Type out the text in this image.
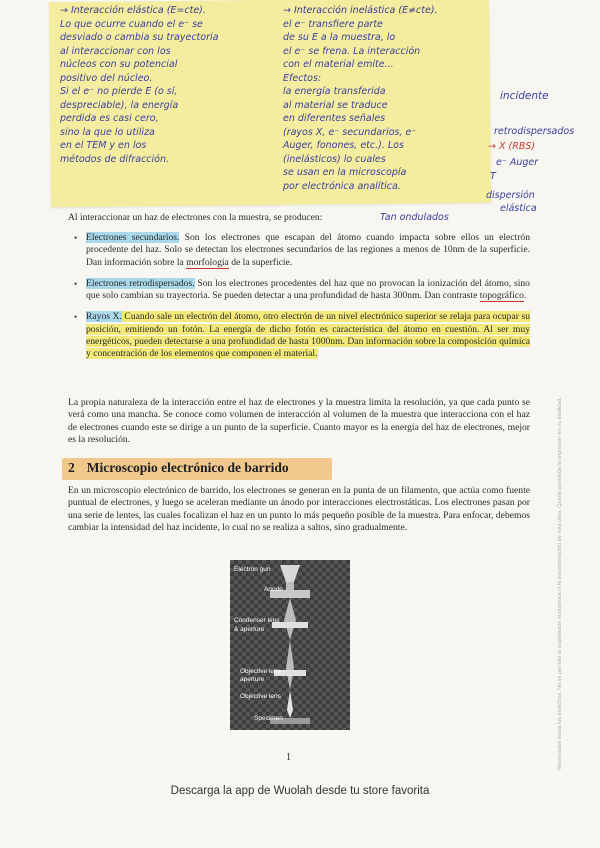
→ Interacción elástica (E=cte).
Lo que ocurre cuando el e⁻ se
desviado o cambia su trayectoria
al interaccionar con los
núcleos con su potencial
positivo del núcleo.
Si el e⁻ no pierde E (o sí,
despreciable), la energía
perdida es casi cero,
sino la que lo utiliza
en el TEM y en los
métodos de difracción.
→ Interacción inelástica (E≠cte).
el e⁻ transfiere parte
de su E a la muestra, lo
el e⁻ se frena. La interacción
con el material emite...
Efectos:
la energía transferida
al material se traduce
en diferentes señales
(rayos X, e⁻ secundarios, e⁻
Auger, fonones, etc.). Los
(inelásticos) lo cuales
se usan en la microscopía
por electrónica analítica.
incidente
retrodispersados
→ X (RBS)
e⁻ Auger
T
dispersión
elástica
Tan ondulados
Al interaccionar un haz de electrones con la muestra, se producen:
• Electrones secundarios. Son los electrones que escapan del átomo cuando impacta sobre ellos un electrón procedente del haz. Solo se detectan los electrones secundarios de las regiones a menos de 10nm de la superficie. Dan información sobre la morfología de la superficie.
• Electrones retrodispersados. Son los electrones procedentes del haz que no provocan la ionización del átomo, sino que solo cambian su trayectoria. Se pueden detectar a una profundidad de hasta 300nm. Dan contraste topográfico.
• Rayos X. Cuando sale un electrón del átomo, otro electrón de un nivel electrónico superior se relaja para ocupar su posición, emitiendo un fotón. La energía de dicho fotón es característica del átomo en cuestión. Al ser muy energéticos, pueden detectarse a una profundidad de hasta 1000nm. Dan información sobre la composición química y concentración de los elementos que componen el material.
La propia naturaleza de la interacción entre el haz de electrones y la muestra limita la resolución, ya que cada punto se verá como una mancha. Se conoce como volumen de interacción al volumen de la muestra que interacciona con el haz de electrones cuando este se dirige a un punto de la superficie. Cuanto mayor es la energía del haz de electrones, mejor es la resolución.
2 Microscopio electrónico de barrido
En un microscopio electrónico de barrido, los electrones se generan en la punta de un filamento, que actúa como fuente puntual de electrones, y luego se aceleran mediante un ánodo por interacciones electrostáticas. Los electrones pasan por una serie de lentes, las cuales focalizan el haz en un punto lo más pequeño posible de la muestra. Para enfocar, debemos cambiar la intensidad del haz incidente, lo cual no se realiza a saltos, sino gradualmente.
Electron gun
Anode
Condenser lens
& aperture
Objective lens
aperture
Objective lens
Specimen
1
Descarga la app de Wuolah desde tu store favorita
Reservados todos los derechos. No se permite la explotación económica ni la transformación de esta obra. Queda permitida la impresión en su totalidad.
